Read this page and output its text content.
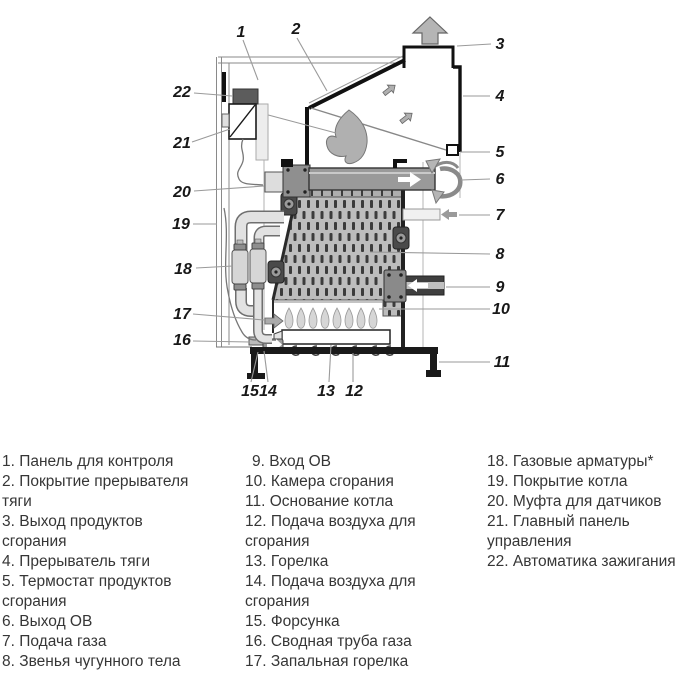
1	2
3
4
5
6
7
8
9
10
11
12
13
14
15
16
17
18
19
20
21
22
1. Панель для контроля
2. Покрытие прерывателя тяги
3. Выход продуктов сгорания
4. Прерыватель тяги
5. Термостат продуктов сгорания
6. Выход ОВ
7. Подача газа
8. Звенья чугунного тела
9. Вход ОВ
10. Камера сгорания
11. Основание котла
12. Подача воздуха для сгорания
13. Горелка
14. Подача воздуха для сгорания
15. Форсунка
16. Сводная труба газа
17. Запальная горелка
18. Газовые арматуры*
19. Покрытие котла
20. Муфта для датчиков
21. Главный панель управления
22. Автоматика зажигания
